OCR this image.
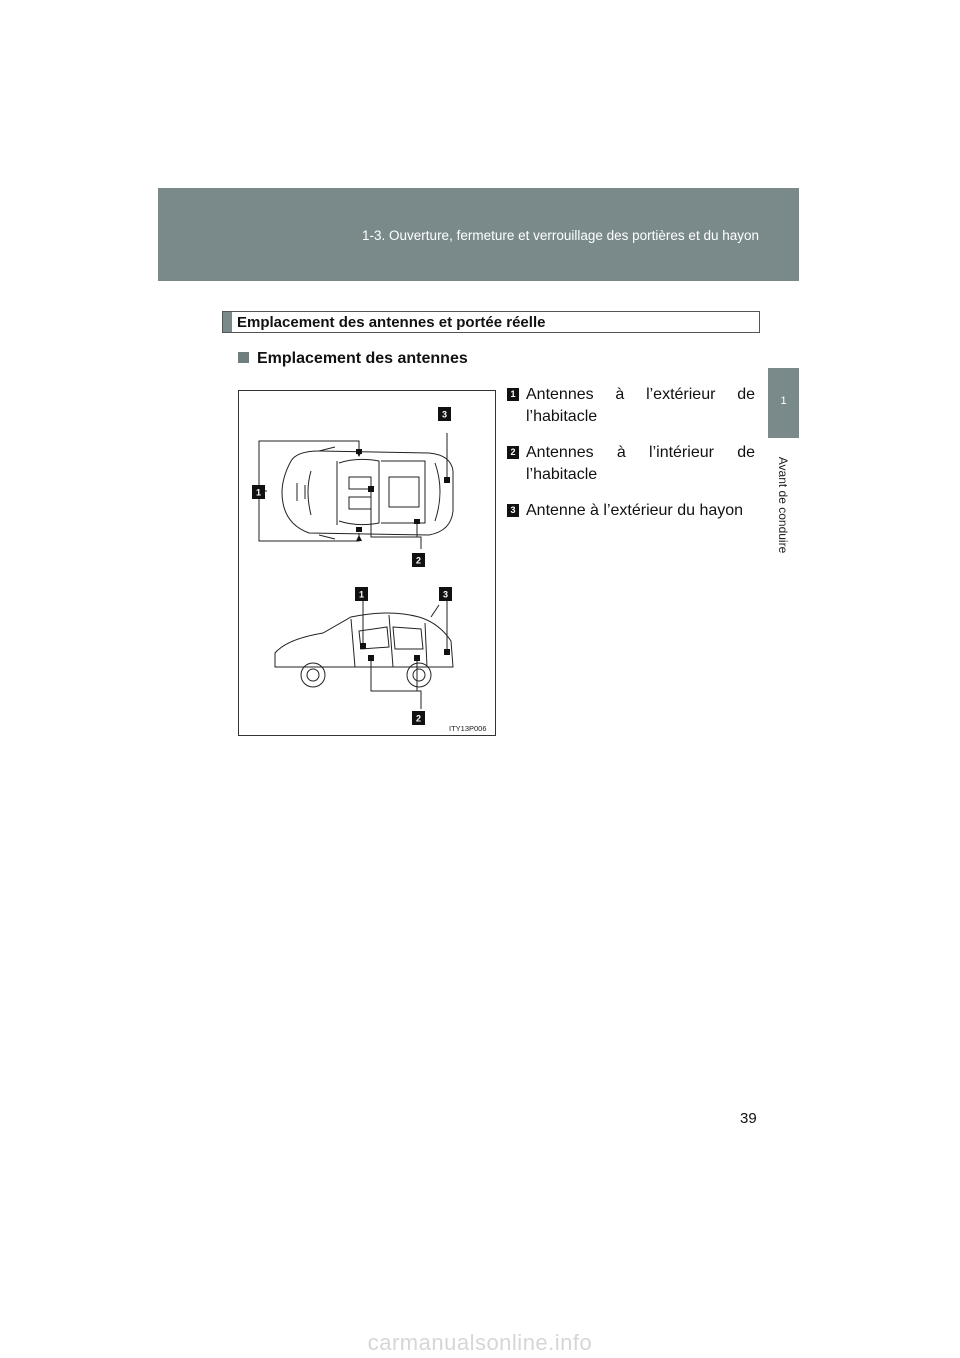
1-3. Ouverture, fermeture et verrouillage des portières et du hayon
1
Avant de conduire
Emplacement des antennes et portée réelle
Emplacement des antennes
3
1
2
1	3
2
ITY13P006
1 Antennes à l’extérieur de l’habitacle
2 Antennes à l’intérieur de l’habitacle
3 Antenne à l’extérieur du hayon
39
carmanualsonline.info
